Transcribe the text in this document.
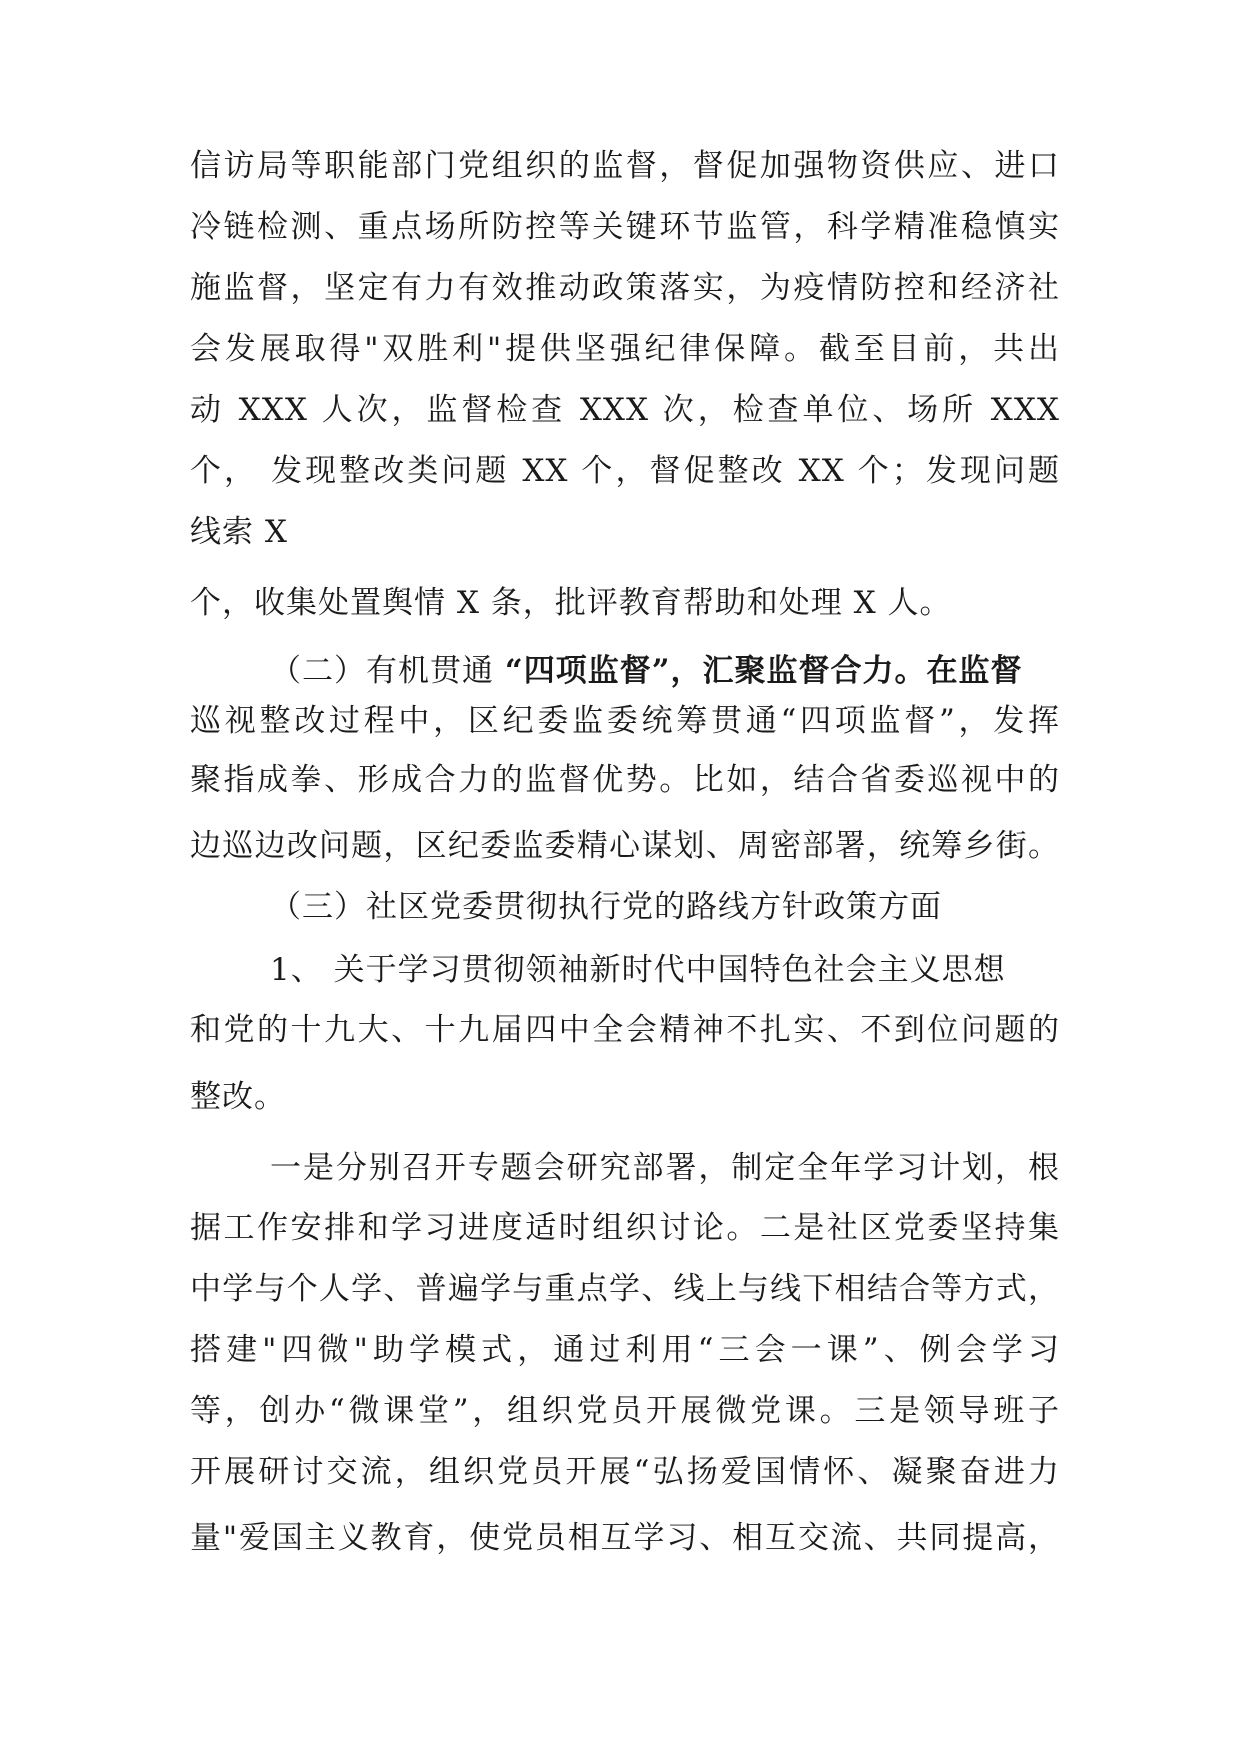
信访局等职能部门党组织的监督，督促加强物资供应、进口
冷链检测、重点场所防控等关键环节监管，科学精准稳慎实
施监督，坚定有力有效推动政策落实，为疫情防控和经济社
会发展取得"双胜利"提供坚强纪律保障。截至目前，共出
动 XXX 人次，监督检查 XXX 次，检查单位、场所 XXX
个， 发现整改类问题 XX 个，督促整改 XX 个；发现问题
线索 X
个，收集处置舆情 X 条，批评教育帮助和处理 X 人。
（二）有机贯通 “四项监督”，汇聚监督合力。在监督
巡视整改过程中，区纪委监委统筹贯通“四项监督”，发挥
聚指成拳、形成合力的监督优势。比如，结合省委巡视中的
边巡边改问题，区纪委监委精心谋划、周密部署，统筹乡街。
（三）社区党委贯彻执行党的路线方针政策方面
1、 关于学习贯彻领袖新时代中国特色社会主义思想
和党的十九大、十九届四中全会精神不扎实、不到位问题的
整改。
一是分别召开专题会研究部署，制定全年学习计划，根
据工作安排和学习进度适时组织讨论。二是社区党委坚持集
中学与个人学、普遍学与重点学、线上与线下相结合等方式，
搭建"四微"助学模式，通过利用“三会一课”、例会学习
等，创办“微课堂”，组织党员开展微党课。三是领导班子
开展研讨交流，组织党员开展“弘扬爱国情怀、凝聚奋进力
量"爱国主义教育，使党员相互学习、相互交流、共同提高，
